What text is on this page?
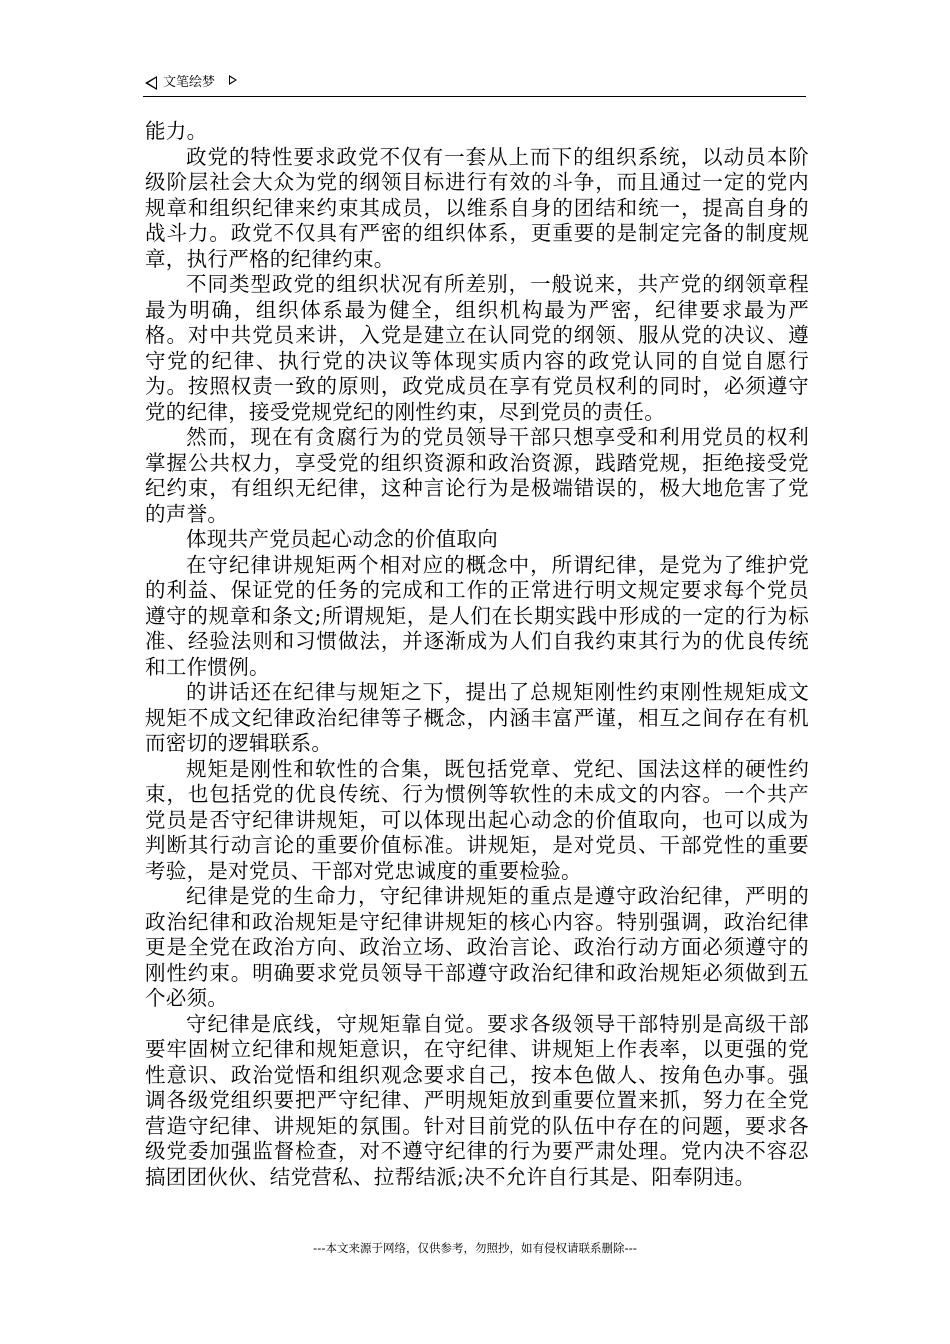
文笔绘梦

能力。

政党的特性要求政党不仅有一套从上而下的组织系统，以动员本阶级阶层社会大众为党的纲领目标进行有效的斗争，而且通过一定的党内规章和组织纪律来约束其成员，以维系自身的团结和统一，提高自身的战斗力。政党不仅具有严密的组织体系，更重要的是制定完备的制度规章，执行严格的纪律约束。

不同类型政党的组织状况有所差别，一般说来，共产党的纲领章程最为明确，组织体系最为健全，组织机构最为严密，纪律要求最为严格。对中共党员来讲，入党是建立在认同党的纲领、服从党的决议、遵守党的纪律、执行党的决议等体现实质内容的政党认同的自觉自愿行为。按照权责一致的原则，政党成员在享有党员权利的同时，必须遵守党的纪律，接受党规党纪的刚性约束，尽到党员的责任。

然而，现在有贪腐行为的党员领导干部只想享受和利用党员的权利掌握公共权力，享受党的组织资源和政治资源，践踏党规，拒绝接受党纪约束，有组织无纪律，这种言论行为是极端错误的，极大地危害了党的声誉。

体现共产党员起心动念的价值取向

在守纪律讲规矩两个相对应的概念中，所谓纪律，是党为了维护党的利益、保证党的任务的完成和工作的正常进行明文规定要求每个党员遵守的规章和条文;所谓规矩，是人们在长期实践中形成的一定的行为标准、经验法则和习惯做法，并逐渐成为人们自我约束其行为的优良传统和工作惯例。

的讲话还在纪律与规矩之下，提出了总规矩刚性约束刚性规矩成文规矩不成文纪律政治纪律等子概念，内涵丰富严谨，相互之间存在有机而密切的逻辑联系。

规矩是刚性和软性的合集，既包括党章、党纪、国法这样的硬性约束，也包括党的优良传统、行为惯例等软性的未成文的内容。一个共产党员是否守纪律讲规矩，可以体现出起心动念的价值取向，也可以成为判断其行动言论的重要价值标准。讲规矩，是对党员、干部党性的重要考验，是对党员、干部对党忠诚度的重要检验。

纪律是党的生命力，守纪律讲规矩的重点是遵守政治纪律，严明的政治纪律和政治规矩是守纪律讲规矩的核心内容。特别强调，政治纪律更是全党在政治方向、政治立场、政治言论、政治行动方面必须遵守的刚性约束。明确要求党员领导干部遵守政治纪律和政治规矩必须做到五个必须。

守纪律是底线，守规矩靠自觉。要求各级领导干部特别是高级干部要牢固树立纪律和规矩意识，在守纪律、讲规矩上作表率，以更强的党性意识、政治觉悟和组织观念要求自己，按本色做人、按角色办事。强调各级党组织要把严守纪律、严明规矩放到重要位置来抓，努力在全党营造守纪律、讲规矩的氛围。针对目前党的队伍中存在的问题，要求各级党委加强监督检查，对不遵守纪律的行为要严肃处理。党内决不容忍搞团团伙伙、结党营私、拉帮结派;决不允许自行其是、阳奉阴违。

---本文来源于网络，仅供参考，勿照抄，如有侵权请联系删除---
